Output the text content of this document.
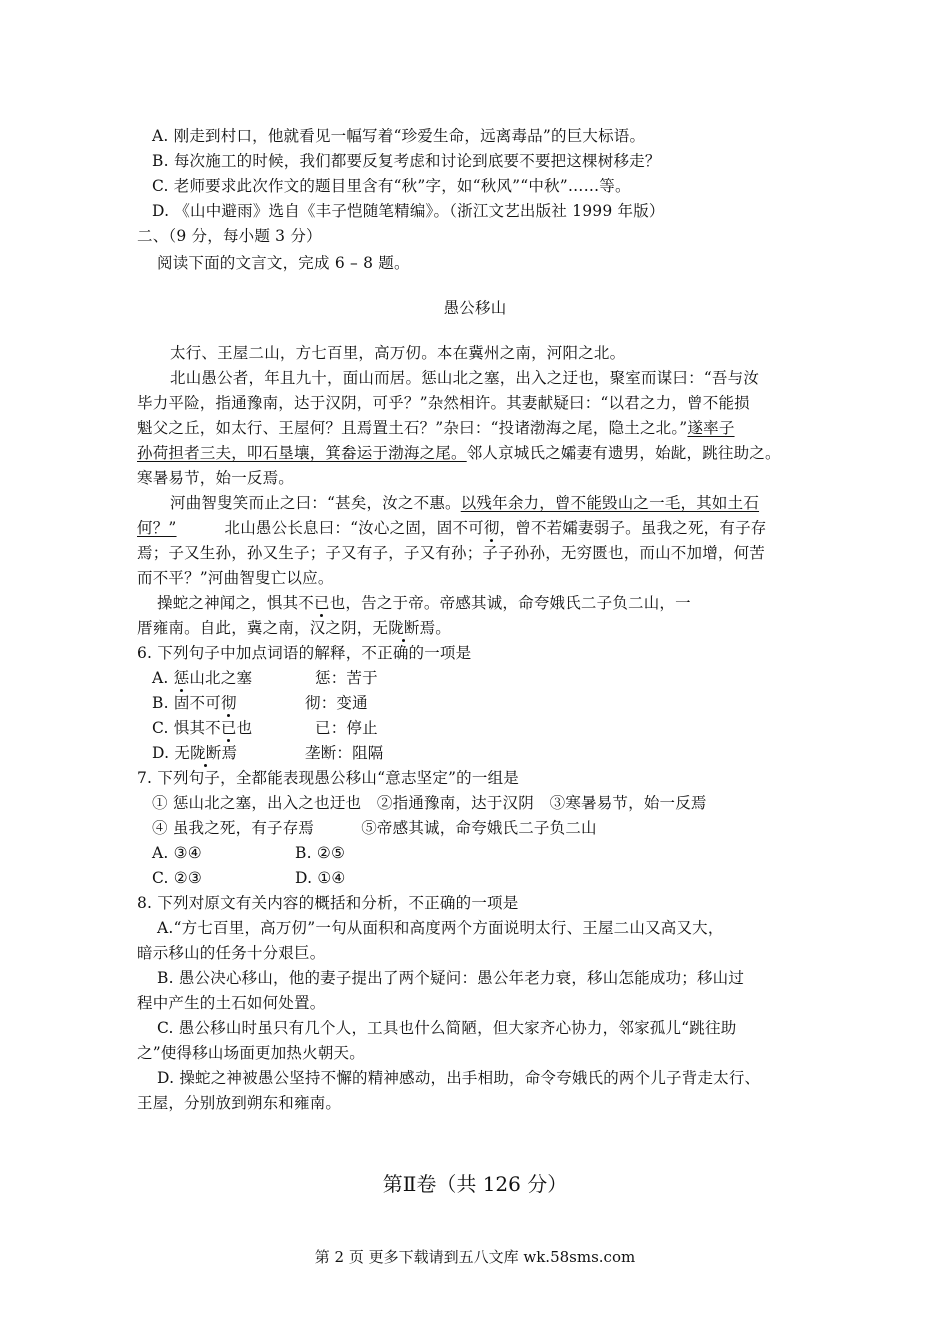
A. 刚走到村口，他就看见一幅写着“珍爱生命，远离毒品”的巨大标语。
B. 每次施工的时候，我们都要反复考虑和讨论到底要不要把这棵树移走？
C. 老师要求此次作文的题目里含有“秋”字，如“秋风”“中秋”……等。
D. 《山中避雨》选自《丰子恺随笔精编》。（浙江文艺出版社 1999 年版）
二、（9 分，每小题 3 分）
阅读下面的文言文，完成 6 – 8 题。
愚公移山
太行、王屋二山，方七百里，高万仞。本在冀州之南，河阳之北。
北山愚公者，年且九十，面山而居。惩山北之塞，出入之迂也，聚室而谋曰：“吾与汝
毕力平险，指通豫南，达于汉阴，可乎？”杂然相许。其妻献疑曰：“以君之力，曾不能损
魁父之丘，如太行、王屋何？且焉置土石？”杂曰：“投诸渤海之尾，隐土之北。”遂率子
孙荷担者三夫，叩石垦壤，箕畚运于渤海之尾。邻人京城氏之孀妻有遗男，始龀，跳往助之。
寒暑易节，始一反焉。
河曲智叟笑而止之曰：“甚矣，汝之不惠。以残年余力，曾不能毁山之一毛，其如土石
何？”	北山愚公长息曰：“汝心之固，固不可彻，曾不若孀妻弱子。虽我之死，有子存
焉；子又生孙，孙又生子；子又有子，子又有孙；子子孙孙，无穷匮也，而山不加增，何苦
而不平？”河曲智叟亡以应。
操蛇之神闻之，惧其不已也，告之于帝。帝感其诚，命夸娥氏二子负二山，一
厝雍南。自此，冀之南，汉之阴，无陇断焉。
6. 下列句子中加点词语的解释，不正确的一项是
A. 惩山北之塞	惩：苦于
B. 固不可彻	彻：变通
C. 惧其不已也	已：停止
D. 无陇断焉	垄断：阻隔
7. 下列句子，全都能表现愚公移山“意志坚定”的一组是
① 惩山北之塞，出入之也迂也　②指通豫南，达于汉阴　③寒暑易节，始一反焉
④ 虽我之死，有子存焉　　　⑤帝感其诚，命夸娥氏二子负二山
A. ③④	B. ②⑤
C. ②③	D. ①④
8. 下列对原文有关内容的概括和分析，不正确的一项是
A.“方七百里，高万仞”一句从面积和高度两个方面说明太行、王屋二山又高又大，
暗示移山的任务十分艰巨。
B. 愚公决心移山，他的妻子提出了两个疑问：愚公年老力衰，移山怎能成功；移山过
程中产生的土石如何处置。
C. 愚公移山时虽只有几个人，工具也什么简陋，但大家齐心协力，邻家孤儿“跳往助
之”使得移山场面更加热火朝天。
D. 操蛇之神被愚公坚持不懈的精神感动，出手相助，命令夸娥氏的两个儿子背走太行、
王屋，分别放到朔东和雍南。
第Ⅱ卷（共 126 分）
第 2 页 更多下载请到五八文库 wk.58sms.com
